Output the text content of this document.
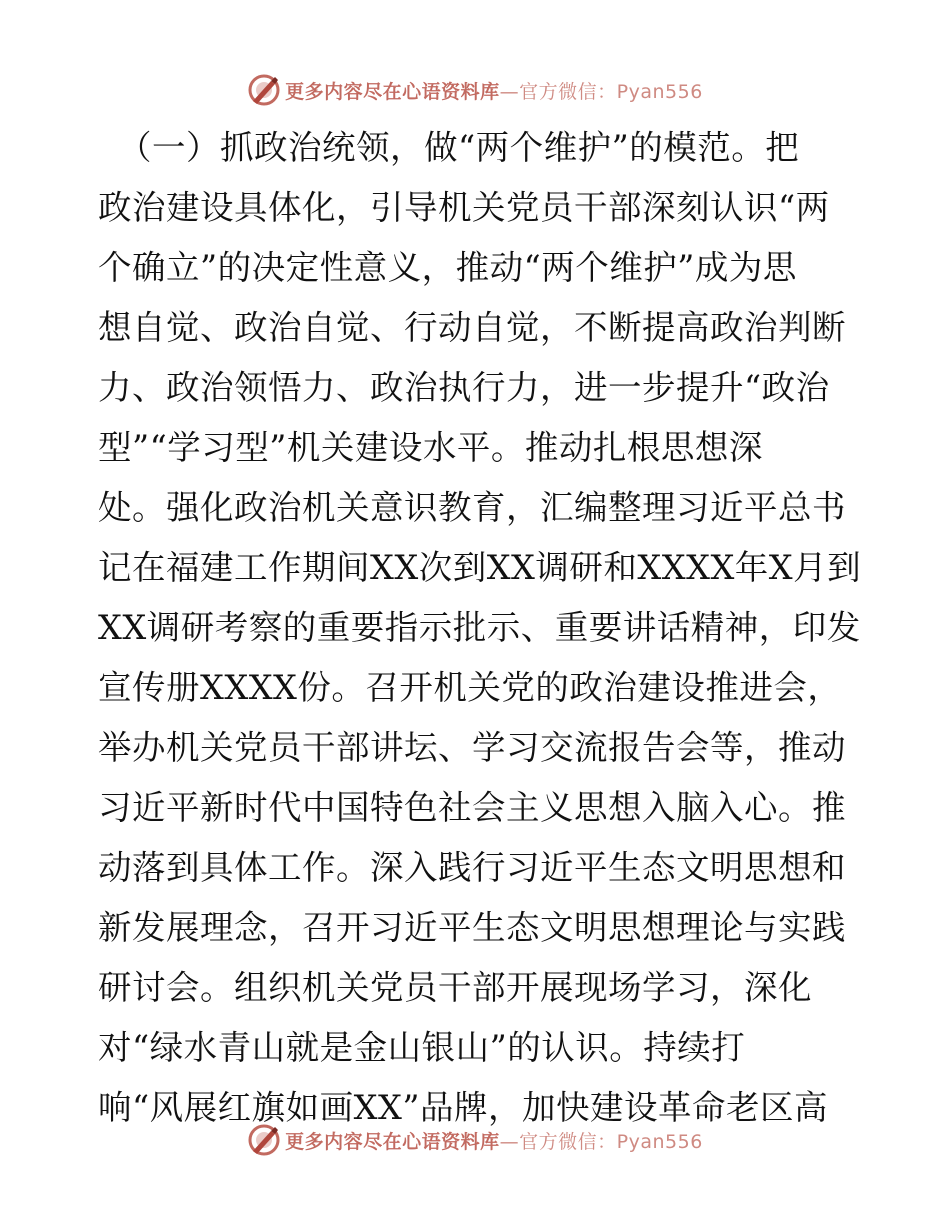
更多内容尽在心语资料库—官方微信：Pyan556
（一）抓政治统领，做“两个维护”的模范。把
政治建设具体化，引导机关党员干部深刻认识“两
个确立”的决定性意义，推动“两个维护”成为思
想自觉、政治自觉、行动自觉，不断提高政治判断
力、政治领悟力、政治执行力，进一步提升“政治
型”“学习型”机关建设水平。推动扎根思想深
处。强化政治机关意识教育，汇编整理习近平总书
记在福建工作期间XX次到XX调研和XXXX年X月到
XX调研考察的重要指示批示、重要讲话精神，印发
宣传册XXXX份。召开机关党的政治建设推进会，
举办机关党员干部讲坛、学习交流报告会等，推动
习近平新时代中国特色社会主义思想入脑入心。推
动落到具体工作。深入践行习近平生态文明思想和
新发展理念，召开习近平生态文明思想理论与实践
研讨会。组织机关党员干部开展现场学习，深化
对“绿水青山就是金山银山”的认识。持续打
响“风展红旗如画XX”品牌，加快建设革命老区高
更多内容尽在心语资料库—官方微信：Pyan556
